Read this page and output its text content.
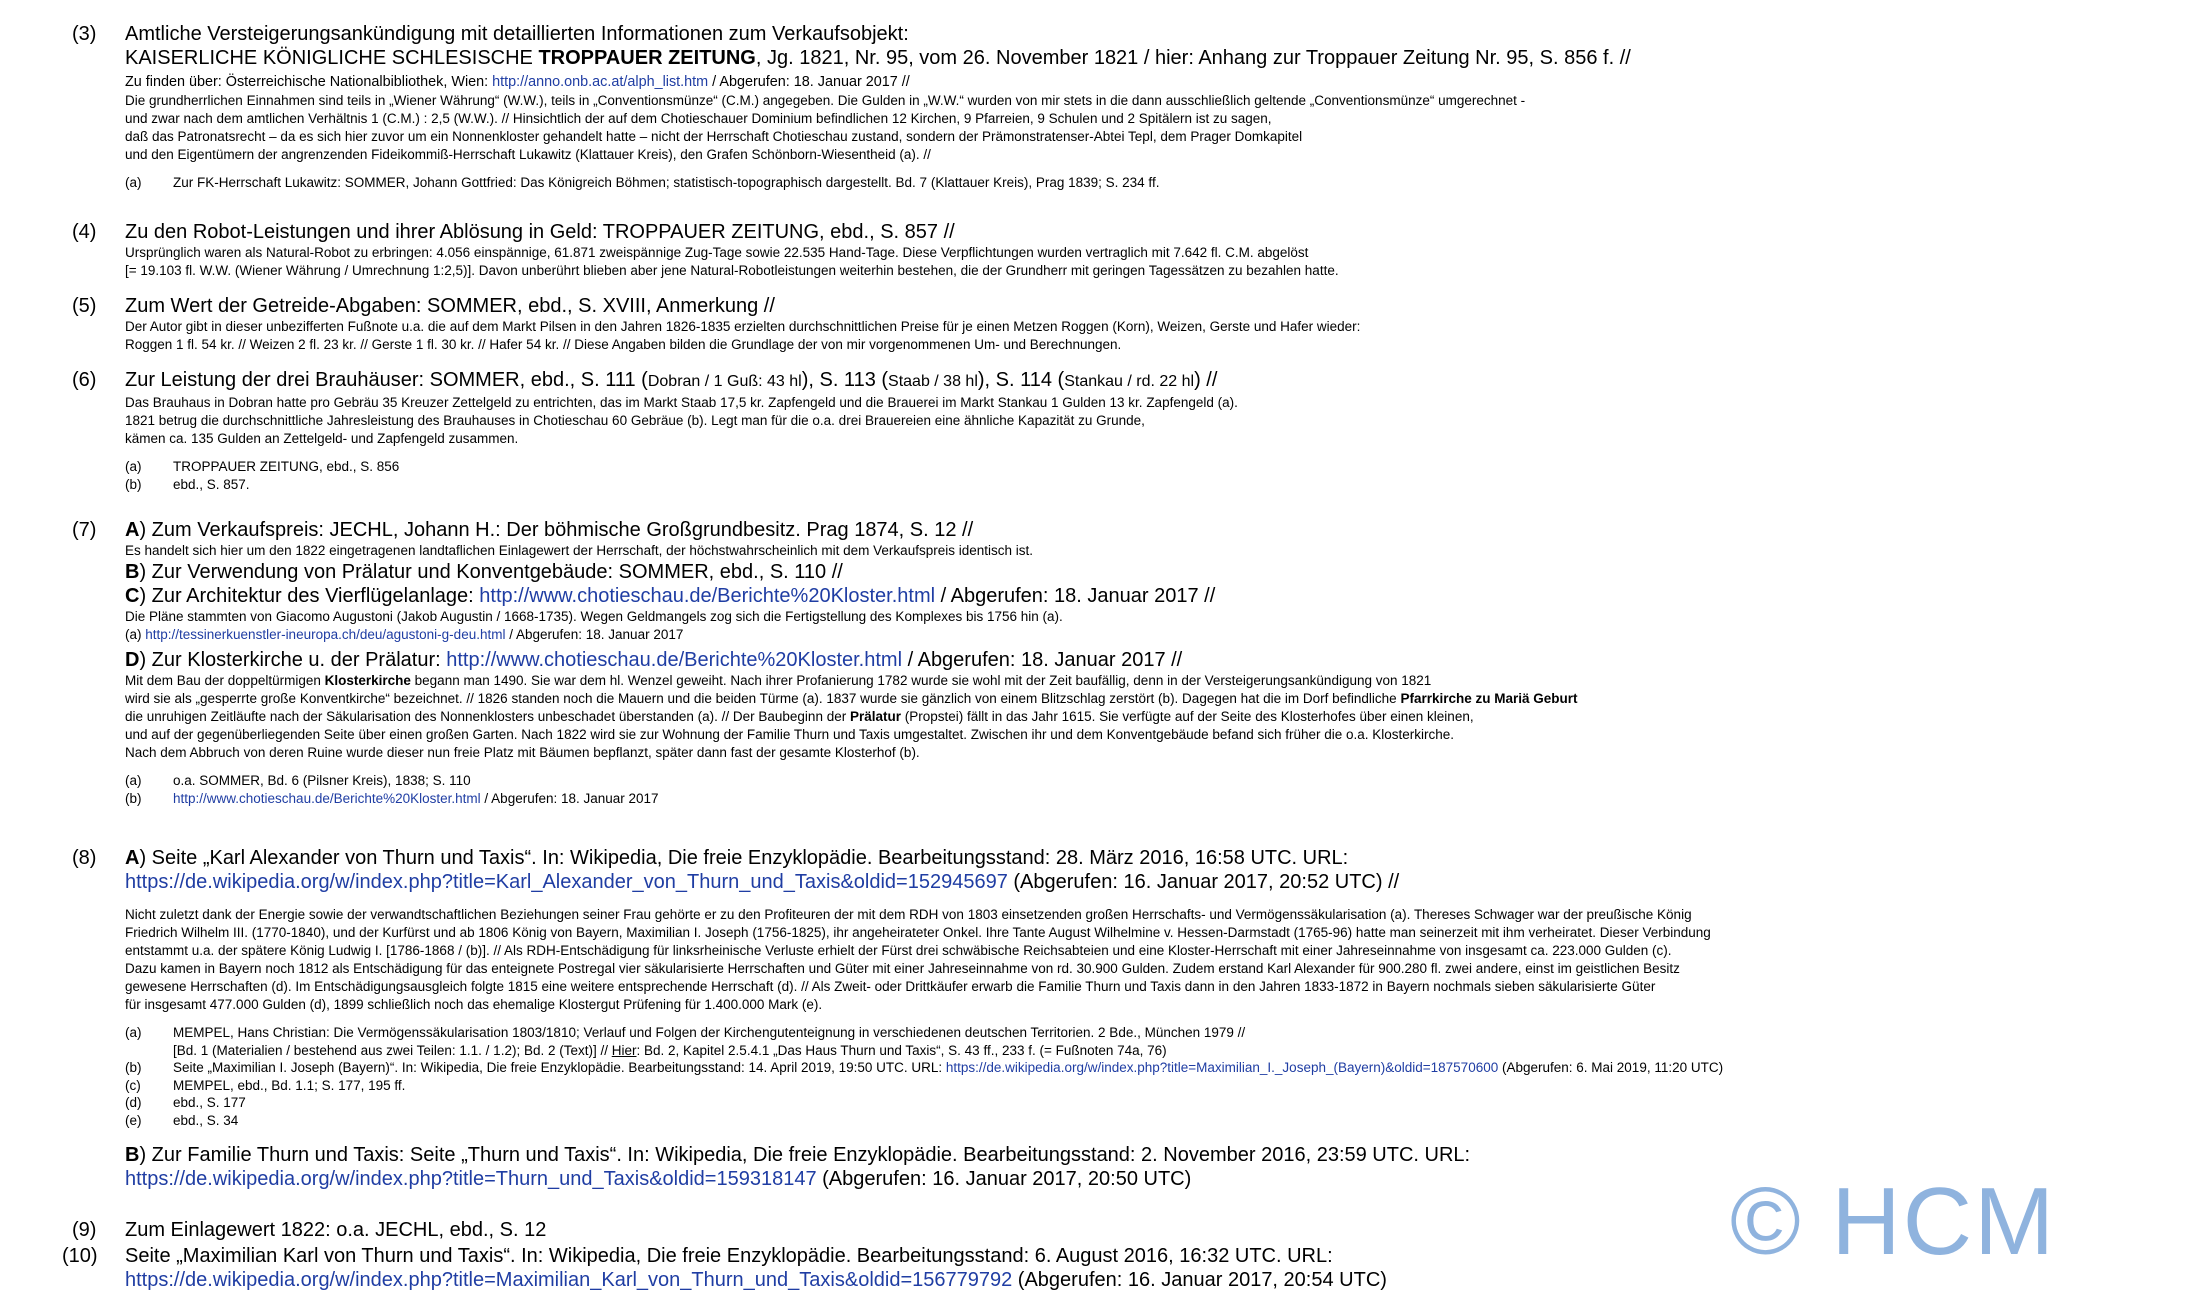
(3)	Amtliche Versteigerungsankündigung mit detaillierten Informationen zum Verkaufsobjekt:

KAISERLICHE KÖNIGLICHE SCHLESISCHE TROPPAUER ZEITUNG, Jg. 1821, Nr. 95, vom 26. November 1821 / hier: Anhang zur Troppauer Zeitung Nr. 95, S. 856 f. //

Zu finden über: Österreichische Nationalbibliothek, Wien: http://anno.onb.ac.at/alph_list.htm / Abgerufen: 18. Januar 2017 //

Die grundherrlichen Einnahmen sind teils in „Wiener Währung“ (W.W.), teils in „Conventionsmünze“ (C.M.) angegeben. Die Gulden in „W.W.“ wurden von mir stets in die dann ausschließlich geltende „Conventionsmünze“ umgerechnet -

und zwar nach dem amtlichen Verhältnis 1 (C.M.) : 2,5 (W.W.). // Hinsichtlich der auf dem Chotieschauer Dominium befindlichen 12 Kirchen, 9 Pfarreien, 9 Schulen und 2 Spitälern ist zu sagen,

daß das Patronatsrecht – da es sich hier zuvor um ein Nonnenkloster gehandelt hatte – nicht der Herrschaft Chotieschau zustand, sondern der Prämonstratenser-Abtei Tepl, dem Prager Domkapitel

und den Eigentümern der angrenzenden Fideikommiß-Herrschaft Lukawitz (Klattauer Kreis), den Grafen Schönborn-Wiesentheid (a). //

(a) Zur FK-Herrschaft Lukawitz: SOMMER, Johann Gottfried: Das Königreich Böhmen; statistisch-topographisch dargestellt. Bd. 7 (Klattauer Kreis), Prag 1839; S. 234 ff.
(4)	Zu den Robot-Leistungen und ihrer Ablösung in Geld: TROPPAUER ZEITUNG, ebd., S. 857 //

Ursprünglich waren als Natural-Robot zu erbringen: 4.056 einspännige, 61.871 zweispännige Zug-Tage sowie 22.535 Hand-Tage. Diese Verpflichtungen wurden vertraglich mit 7.642 fl. C.M. abgelöst

[= 19.103 fl. W.W. (Wiener Währung / Umrechnung 1:2,5)]. Davon unberührt blieben aber jene Natural-Robotleistungen weiterhin bestehen, die der Grundherr mit geringen Tagessätzen zu bezahlen hatte.

(5)	Zum Wert der Getreide-Abgaben: SOMMER, ebd., S. XVIII, Anmerkung //

Der Autor gibt in dieser unbezifferten Fußnote u.a. die auf dem Markt Pilsen in den Jahren 1826-1835 erzielten durchschnittlichen Preise für je einen Metzen Roggen (Korn), Weizen, Gerste und Hafer wieder:

Roggen 1 fl. 54 kr. // Weizen 2 fl. 23 kr. // Gerste 1 fl. 30 kr. // Hafer 54 kr. // Diese Angaben bilden die Grundlage der von mir vorgenommenen Um- und Berechnungen.

(6)	Zur Leistung der drei Brauhäuser: SOMMER, ebd., S. 111 (Dobran / 1 Guß: 43 hl), S. 113 (Staab / 38 hl), S. 114 (Stankau / rd. 22 hl) //

Das Brauhaus in Dobran hatte pro Gebräu 35 Kreuzer Zettelgeld zu entrichten, das im Markt Staab 17,5 kr. Zapfengeld und die Brauerei im Markt Stankau 1 Gulden 13 kr. Zapfengeld (a).

1821 betrug die durchschnittliche Jahresleistung des Brauhauses in Chotieschau 60 Gebräue (b). Legt man für die o.a. drei Brauereien eine ähnliche Kapazität zu Grunde,

kämen ca. 135 Gulden an Zettelgeld- und Zapfengeld zusammen.

(a) TROPPAUER ZEITUNG, ebd., S. 856
(b) ebd., S. 857.
(7)	A) Zum Verkaufspreis: JECHL, Johann H.: Der böhmische Großgrundbesitz. Prag 1874, S. 12 //

Es handelt sich hier um den 1822 eingetragenen landtaflichen Einlagewert der Herrschaft, der höchstwahrscheinlich mit dem Verkaufspreis identisch ist.

B) Zur Verwendung von Prälatur und Konventgebäude: SOMMER, ebd., S. 110 //

C) Zur Architektur des Vierflügelanlage: http://www.chotieschau.de/Berichte%20Kloster.html / Abgerufen: 18. Januar 2017 //

Die Pläne stammten von Giacomo Augustoni (Jakob Augustin / 1668-1735). Wegen Geldmangels zog sich die Fertigstellung des Komplexes bis 1756 hin (a).

(a) http://tessinerkuenstler-ineuropa.ch/deu/agustoni-g-deu.html / Abgerufen: 18. Januar 2017

D) Zur Klosterkirche u. der Prälatur: http://www.chotieschau.de/Berichte%20Kloster.html / Abgerufen: 18. Januar 2017 //

Mit dem Bau der doppeltürmigen Klosterkirche begann man 1490. Sie war dem hl. Wenzel geweiht. Nach ihrer Profanierung 1782 wurde sie wohl mit der Zeit baufällig, denn in der Versteigerungsankündigung von 1821

wird sie als „gesperrte große Konventkirche“ bezeichnet. // 1826 standen noch die Mauern und die beiden Türme (a). 1837 wurde sie gänzlich von einem Blitzschlag zerstört (b). Dagegen hat die im Dorf befindliche Pfarrkirche zu Mariä Geburt

die unruhigen Zeitläufte nach der Säkularisation des Nonnenklosters unbeschadet überstanden (a). // Der Baubeginn der Prälatur (Propstei) fällt in das Jahr 1615. Sie verfügte auf der Seite des Klosterhofes über einen kleinen,

und auf der gegenüberliegenden Seite über einen großen Garten. Nach 1822 wird sie zur Wohnung der Familie Thurn und Taxis umgestaltet. Zwischen ihr und dem Konventgebäude befand sich früher die o.a. Klosterkirche.

Nach dem Abbruch von deren Ruine wurde dieser nun freie Platz mit Bäumen bepflanzt, später dann fast der gesamte Klosterhof (b).

(a) o.a. SOMMER, Bd. 6 (Pilsner Kreis), 1838; S. 110
(b) http://www.chotieschau.de/Berichte%20Kloster.html / Abgerufen: 18. Januar 2017
(8)	A) Seite „Karl Alexander von Thurn und Taxis“. In: Wikipedia, Die freie Enzyklopädie. Bearbeitungsstand: 28. März 2016, 16:58 UTC. URL:

https://de.wikipedia.org/w/index.php?title=Karl_Alexander_von_Thurn_und_Taxis&oldid=152945697 (Abgerufen: 16. Januar 2017, 20:52 UTC) //

Nicht zuletzt dank der Energie sowie der verwandtschaftlichen Beziehungen seiner Frau gehörte er zu den Profiteuren der mit dem RDH von 1803 einsetzenden großen Herrschafts- und Vermögenssäkularisation (a). Thereses Schwager war der preußische König

Friedrich Wilhelm III. (1770-1840), und der Kurfürst und ab 1806 König von Bayern, Maximilian I. Joseph (1756-1825), ihr angeheirateter Onkel. Ihre Tante August Wilhelmine v. Hessen-Darmstadt (1765-96) hatte man seinerzeit mit ihm verheiratet. Dieser Verbindung

entstammt u.a. der spätere König Ludwig I. [1786-1868 / (b)]. // Als RDH-Entschädigung für linksrheinische Verluste erhielt der Fürst drei schwäbische Reichsabteien und eine Kloster-Herrschaft mit einer Jahreseinnahme von insgesamt ca. 223.000 Gulden (c).

Dazu kamen in Bayern noch 1812 als Entschädigung für das enteignete Postregal vier säkularisierte Herrschaften und Güter mit einer Jahreseinnahme von rd. 30.900 Gulden. Zudem erstand Karl Alexander für 900.280 fl. zwei andere, einst im geistlichen Besitz

gewesene Herrschaften (d). Im Entschädigungsausgleich folgte 1815 eine weitere entsprechende Herrschaft (d). // Als Zweit- oder Drittkäufer erwarb die Familie Thurn und Taxis dann in den Jahren 1833-1872 in Bayern nochmals sieben säkularisierte Güter

für insgesamt 477.000 Gulden (d), 1899 schließlich noch das ehemalige Klostergut Prüfening für 1.400.000 Mark (e).

(a) MEMPEL, Hans Christian: Die Vermögenssäkularisation 1803/1810; Verlauf und Folgen der Kirchengutenteignung in verschiedenen deutschen Territorien. 2 Bde., München 1979 //
[Bd. 1 (Materialien / bestehend aus zwei Teilen: 1.1. / 1.2); Bd. 2 (Text)] // Hier: Bd. 2, Kapitel 2.5.4.1 „Das Haus Thurn und Taxis“, S. 43 ff., 233 f. (= Fußnoten 74a, 76)
(b) Seite „Maximilian I. Joseph (Bayern)“. In: Wikipedia, Die freie Enzyklopädie. Bearbeitungsstand: 14. April 2019, 19:50 UTC. URL: https://de.wikipedia.org/w/index.php?title=Maximilian_I._Joseph_(Bayern)&oldid=187570600 (Abgerufen: 6. Mai 2019, 11:20 UTC)
(c) MEMPEL, ebd., Bd. 1.1; S. 177, 195 ff.
(d) ebd., S. 177
(e) ebd., S. 34

B) Zur Familie Thurn und Taxis: Seite „Thurn und Taxis“. In: Wikipedia, Die freie Enzyklopädie. Bearbeitungsstand: 2. November 2016, 23:59 UTC. URL:

https://de.wikipedia.org/w/index.php?title=Thurn_und_Taxis&oldid=159318147 (Abgerufen: 16. Januar 2017, 20:50 UTC)

(9)	Zum Einlagewert 1822: o.a. JECHL, ebd., S. 12

(10) Seite „Maximilian Karl von Thurn und Taxis“. In: Wikipedia, Die freie Enzyklopädie. Bearbeitungsstand: 6. August 2016, 16:32 UTC. URL:

https://de.wikipedia.org/w/index.php?title=Maximilian_Karl_von_Thurn_und_Taxis&oldid=156779792 (Abgerufen: 16. Januar 2017, 20:54 UTC)

© HCM
